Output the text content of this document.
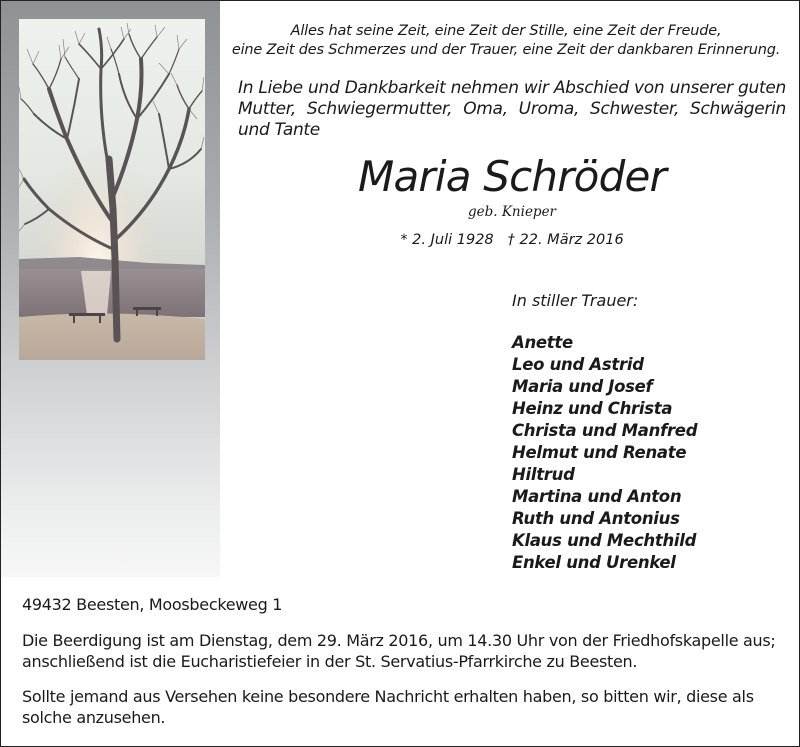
Alles hat seine Zeit, eine Zeit der Stille, eine Zeit der Freude,
eine Zeit des Schmerzes und der Trauer, eine Zeit der dankbaren Erinnerung.
In Liebe und Dankbarkeit nehmen wir Abschied von unserer guten Mutter, Schwiegermutter, Oma, Uroma, Schwester, Schwägerin und Tante
Maria Schröder
geb. Knieper
* 2. Juli 1928 † 22. März 2016
In stiller Trauer:
Anette
Leo und Astrid
Maria und Josef
Heinz und Christa
Christa und Manfred
Helmut und Renate
Hiltrud
Martina und Anton
Ruth und Antonius
Klaus und Mechthild
Enkel und Urenkel
49432 Beesten, Moosbeckeweg 1
Die Beerdigung ist am Dienstag, dem 29. März 2016, um 14.30 Uhr von der Friedhofskapelle aus; anschließend ist die Eucharistiefeier in der St. Servatius-Pfarrkirche zu Beesten.
Sollte jemand aus Versehen keine besondere Nachricht erhalten haben, so bitten wir, diese als solche anzusehen.
